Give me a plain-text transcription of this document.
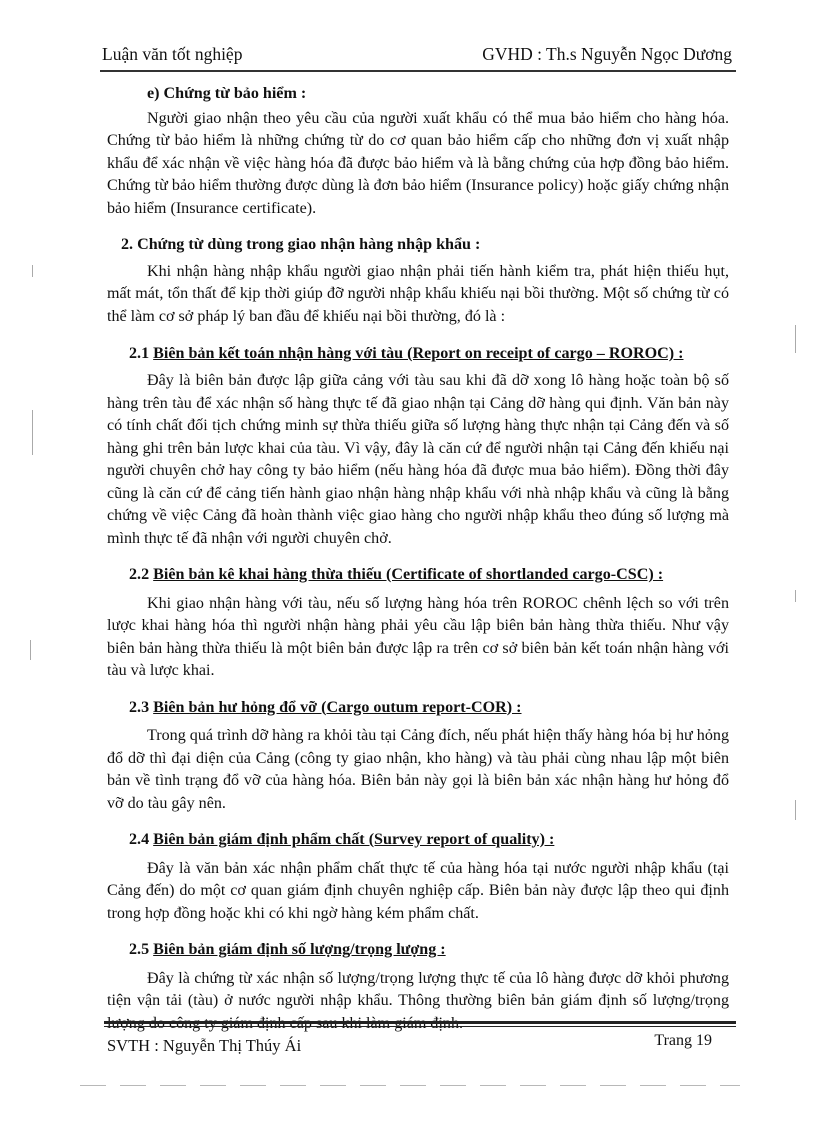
Luận văn tốt nghiệp	GVHD : Th.s Nguyễn Ngọc Dương

e) Chứng từ bảo hiểm :

Người giao nhận theo yêu cầu của người xuất khẩu có thể mua bảo hiểm cho hàng hóa. Chứng từ bảo hiểm là những chứng từ do cơ quan bảo hiểm cấp cho những đơn vị xuất nhập khẩu để xác nhận về việc hàng hóa đã được bảo hiểm và là bằng chứng của hợp đồng bảo hiểm. Chứng từ bảo hiểm thường được dùng là đơn bảo hiểm (Insurance policy) hoặc giấy chứng nhận bảo hiểm (Insurance certificate).

2. Chứng từ dùng trong giao nhận hàng nhập khẩu :

Khi nhận hàng nhập khẩu người giao nhận phải tiến hành kiểm tra, phát hiện thiếu hụt, mất mát, tổn thất để kịp thời giúp đỡ người nhập khẩu khiếu nại bồi thường. Một số chứng từ có thể làm cơ sở pháp lý ban đầu để khiếu nại bồi thường, đó là :

2.1 Biên bản kết toán nhận hàng với tàu (Report on receipt of cargo – ROROC) :

Đây là biên bản được lập giữa cảng với tàu sau khi đã dỡ xong lô hàng hoặc toàn bộ số hàng trên tàu để xác nhận số hàng thực tế đã giao nhận tại Cảng dỡ hàng qui định. Văn bản này có tính chất đối tịch chứng minh sự thừa thiếu giữa số lượng hàng thực nhận tại Cảng đến và số hàng ghi trên bản lược khai của tàu. Vì vậy, đây là căn cứ để người nhận tại Cảng đến khiếu nại người chuyên chở hay công ty bảo hiểm (nếu hàng hóa đã được mua bảo hiểm). Đồng thời đây cũng là căn cứ để cảng tiến hành giao nhận hàng nhập khẩu với nhà nhập khẩu và cũng là bằng chứng về việc Cảng đã hoàn thành việc giao hàng cho người nhập khẩu theo đúng số lượng mà mình thực tế đã nhận với người chuyên chở.

2.2 Biên bản kê khai hàng thừa thiếu (Certificate of shortlanded cargo-CSC) :

Khi giao nhận hàng với tàu, nếu số lượng hàng hóa trên ROROC chênh lệch so với trên lược khai hàng hóa thì người nhận hàng phải yêu cầu lập biên bản hàng thừa thiếu. Như vậy biên bản hàng thừa thiếu là một biên bản được lập ra trên cơ sở biên bản kết toán nhận hàng với tàu và lược khai.

2.3 Biên bản hư hỏng đổ vỡ (Cargo outum report-COR) :

Trong quá trình dỡ hàng ra khỏi tàu tại Cảng đích, nếu phát hiện thấy hàng hóa bị hư hỏng đổ dỡ thì đại diện của Cảng (công ty giao nhận, kho hàng) và tàu phải cùng nhau lập một biên bản về tình trạng đổ vỡ của hàng hóa. Biên bản này gọi là biên bản xác nhận hàng hư hỏng đổ vỡ do tàu gây nên.

2.4 Biên bản giám định phẩm chất (Survey report of quality) :

Đây là văn bản xác nhận phẩm chất thực tế của hàng hóa tại nước người nhập khẩu (tại Cảng đến) do một cơ quan giám định chuyên nghiệp cấp. Biên bản này được lập theo qui định trong hợp đồng hoặc khi có khi ngờ hàng kém phẩm chất.

2.5 Biên bản giám định số lượng/trọng lượng :

Đây là chứng từ xác nhận số lượng/trọng lượng thực tế của lô hàng được dỡ khỏi phương tiện vận tải (tàu) ở nước người nhập khẩu. Thông thường biên bản giám định số lượng/trọng

SVTH : Nguyễn Thị Thúy Ái	Trang 19
